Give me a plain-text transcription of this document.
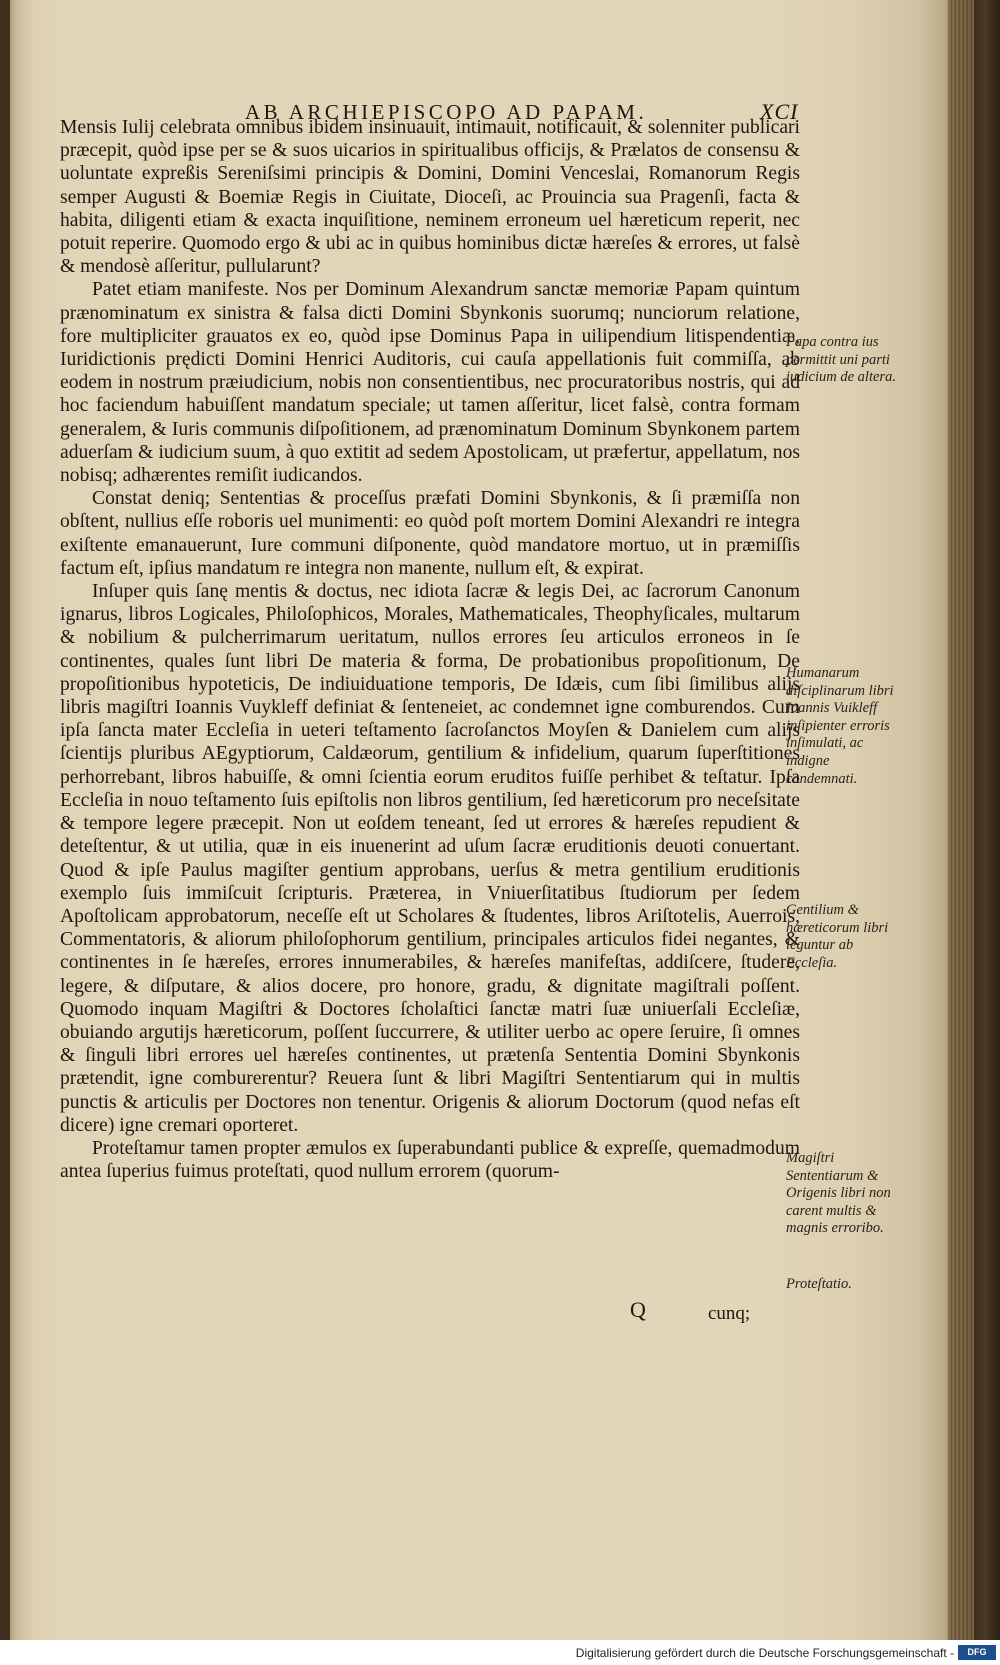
AB ARCHIEPISCOPO AD PAPAM.	XCI

Mensis Iulij celebrata omnibus ibidem insinuauit, intimauit, notificauit, & solenniter publicari præcepit, quòd ipse per se & suos uicarios in spiritualibus officijs, & Prælatos de consensu & uoluntate expreßis Sereniſsimi principis & Domini, Domini Venceslai, Romanorum Regis semper Augusti & Boemiæ Regis in Ciuitate, Dioceſi, ac Prouincia sua Pragenſi, facta & habita, diligenti etiam & exacta inquiſitione, neminem erroneum uel hæreticum reperit, nec potuit reperire. Quomodo ergo & ubi ac in quibus hominibus dictæ hæreſes & errores, ut falsè & mendosè aſſeritur, pullularunt?

Patet etiam manifeste. Nos per Dominum Alexandrum sanctæ memoriæ Papam quintum prænominatum ex sinistra & falsa dicti Domini Sbynkonis suorumq; nunciorum relatione, fore multipliciter grauatos ex eo, quòd ipse Dominus Papa in uilipendium litispendentiæ, Iuridictionis prędicti Domini Henrici Auditoris, cui cauſa appellationis fuit commiſſa, ab eodem in nostrum præiudicium, nobis non consentientibus, nec procuratoribus nostris, qui ad hoc faciendum habuiſſent mandatum speciale; ut tamen aſſeritur, licet falsè, contra formam generalem, & Iuris communis diſpoſitionem, ad prænominatum Dominum Sbynkonem partem aduerſam & iudicium suum, à quo extitit ad sedem Apostolicam, ut præfertur, appellatum, nos nobisq; adhærentes remiſit iudicandos.

Constat deniq; Sententias & proceſſus præfati Domini Sbynkonis, & ſi præmiſſa non obſtent, nullius eſſe roboris uel munimenti: eo quòd poſt mortem Domini Alexandri re integra exiſtente emanauerunt, Iure communi diſponente, quòd mandatore mortuo, ut in præmiſſis factum eſt, ipſius mandatum re integra non manente, nullum eſt, & expirat.

Inſuper quis ſanę mentis & doctus, nec idiota ſacræ & legis Dei, ac ſacrorum Canonum ignarus, libros Logicales, Philoſophicos, Morales, Mathematicales, Theophyſicales, multarum & nobilium & pulcherrimarum ueritatum, nullos errores ſeu articulos erroneos in ſe continentes, quales ſunt libri De materia & forma, De probationibus propoſitionum, De propoſitionibus hypoteticis, De indiuiduatione temporis, De Idæis, cum ſibi ſimilibus alijs libris magiſtri Ioannis Vuykleff definiat & ſenteneiet, ac condemnet igne comburendos. Cum ipſa ſancta mater Eccleſia in ueteri teſtamento ſacroſanctos Moyſen & Danielem cum alijs ſcientijs pluribus AEgyptiorum, Caldæorum, gentilium & infidelium, quarum ſuperſtitiones perhorrebant, libros habuiſſe, & omni ſcientia eorum eruditos fuiſſe perhibet & teſtatur. Ipſa Eccleſia in nouo teſtamento ſuis epiſtolis non libros gentilium, ſed hæreticorum pro neceſsitate & tempore legere præcepit. Non ut eoſdem teneant, ſed ut errores & hæreſes repudient & deteſtentur, & ut utilia, quæ in eis inuenerint ad uſum ſacræ eruditionis deuoti conuertant. Quod & ipſe Paulus magiſter gentium approbans, uerſus & metra gentilium eruditionis exemplo ſuis immiſcuit ſcripturis. Præterea, in Vniuerſitatibus ſtudiorum per ſedem Apoſtolicam approbatorum, neceſſe eſt ut Scholares & ſtudentes, libros Ariſtotelis, Auerrois, Commentatoris, & aliorum philoſophorum gentilium, principales articulos fidei negantes, & continentes in ſe hæreſes, errores innumerabiles, & hæreſes manifeſtas, addiſcere, ſtudere, legere, & diſputare, & alios docere, pro honore, gradu, & dignitate magiſtrali poſſent. Quomodo inquam Magiſtri & Doctores ſcholaſtici ſanctæ matri ſuæ uniuerſali Eccleſiæ, obuiando argutijs hæreticorum, poſſent ſuccurrere, & utiliter uerbo ac opere ſeruire, ſi omnes & ſinguli libri errores uel hæreſes continentes, ut prætenſa Sententia Domini Sbynkonis prætendit, igne comburerentur? Reuera ſunt & libri Magiſtri Sententiarum qui in multis punctis & articulis per Doctores non tenentur. Origenis & aliorum Doctorum (quod nefas eſt dicere) igne cremari oporteret.

Proteſtamur tamen propter æmulos ex ſuperabundanti publice & expreſſe, quemadmodum antea ſuperius fuimus proteſtati, quod nullum errorem (quorum-

Q	cunq;
Papa contra ius permittit uni parti iudicium de altera.
Humanarum diſciplinarum libri Ioannis Vuikleff inſipienter erroris inſimulati, ac indigne condemnati.
Gentilium & hæreticorum libri leguntur ab Eccleſia.
Magiſtri Sententiarum & Origenis libri non carent multis & magnis erroribo.
Proteſtatio.
Digitalisierung gefördert durch die Deutsche Forschungsgemeinschaft -	DFG
